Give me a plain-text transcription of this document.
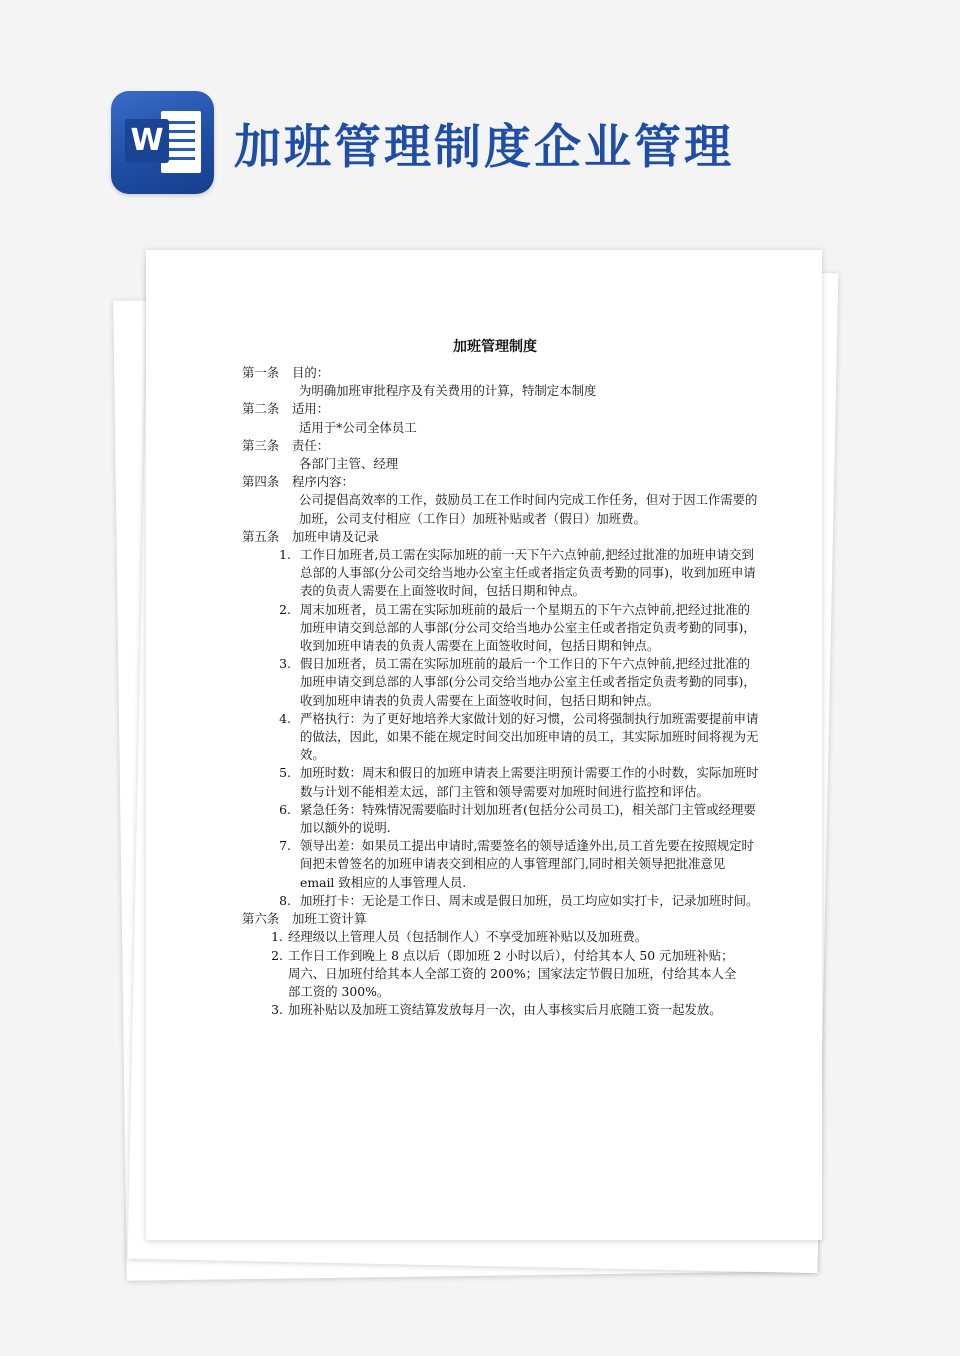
W 加班管理制度企业管理
加班管理制度
第一条	目的：
为明确加班审批程序及有关费用的计算，特制定本制度
第二条	适用：
适用于*公司全体员工
第三条	责任：
各部门主管、经理
第四条	程序内容：
公司提倡高效率的工作，鼓励员工在工作时间内完成工作任务，但对于因工作需要的加班，公司支付相应（工作日）加班补贴或者（假日）加班费。
第五条	加班申请及记录
1. 工作日加班者,员工需在实际加班的前一天下午六点钟前,把经过批准的加班申请交到总部的人事部(分公司交给当地办公室主任或者指定负责考勤的同事)，收到加班申请表的负责人需要在上面签收时间，包括日期和钟点。
2. 周末加班者，员工需在实际加班前的最后一个星期五的下午六点钟前,把经过批准的加班申请交到总部的人事部(分公司交给当地办公室主任或者指定负责考勤的同事)，收到加班申请表的负责人需要在上面签收时间，包括日期和钟点。
3. 假日加班者，员工需在实际加班前的最后一个工作日的下午六点钟前,把经过批准的加班申请交到总部的人事部(分公司交给当地办公室主任或者指定负责考勤的同事)，收到加班申请表的负责人需要在上面签收时间，包括日期和钟点。
4. 严格执行：为了更好地培养大家做计划的好习惯，公司将强制执行加班需要提前申请的做法，因此，如果不能在规定时间交出加班申请的员工，其实际加班时间将视为无效。
5. 加班时数：周末和假日的加班申请表上需要注明预计需要工作的小时数，实际加班时数与计划不能相差太远，部门主管和领导需要对加班时间进行监控和评估。
6. 紧急任务：特殊情况需要临时计划加班者(包括分公司员工)，相关部门主管或经理要加以额外的说明.
7. 领导出差：如果员工提出申请时,需要签名的领导适逢外出,员工首先要在按照规定时间把未曾签名的加班申请表交到相应的人事管理部门,同时相关领导把批准意见 email 致相应的人事管理人员.
8. 加班打卡：无论是工作日、周末或是假日加班，员工均应如实打卡，记录加班时间。
第六条	加班工资计算
1. 经理级以上管理人员（包括制作人）不享受加班补贴以及加班费。
2. 工作日工作到晚上 8 点以后（即加班 2 小时以后），付给其本人 50 元加班补贴；周六、日加班付给其本人全部工资的 200%；国家法定节假日加班，付给其本人全部工资的 300%。
3. 加班补贴以及加班工资结算发放每月一次，由人事核实后月底随工资一起发放。
